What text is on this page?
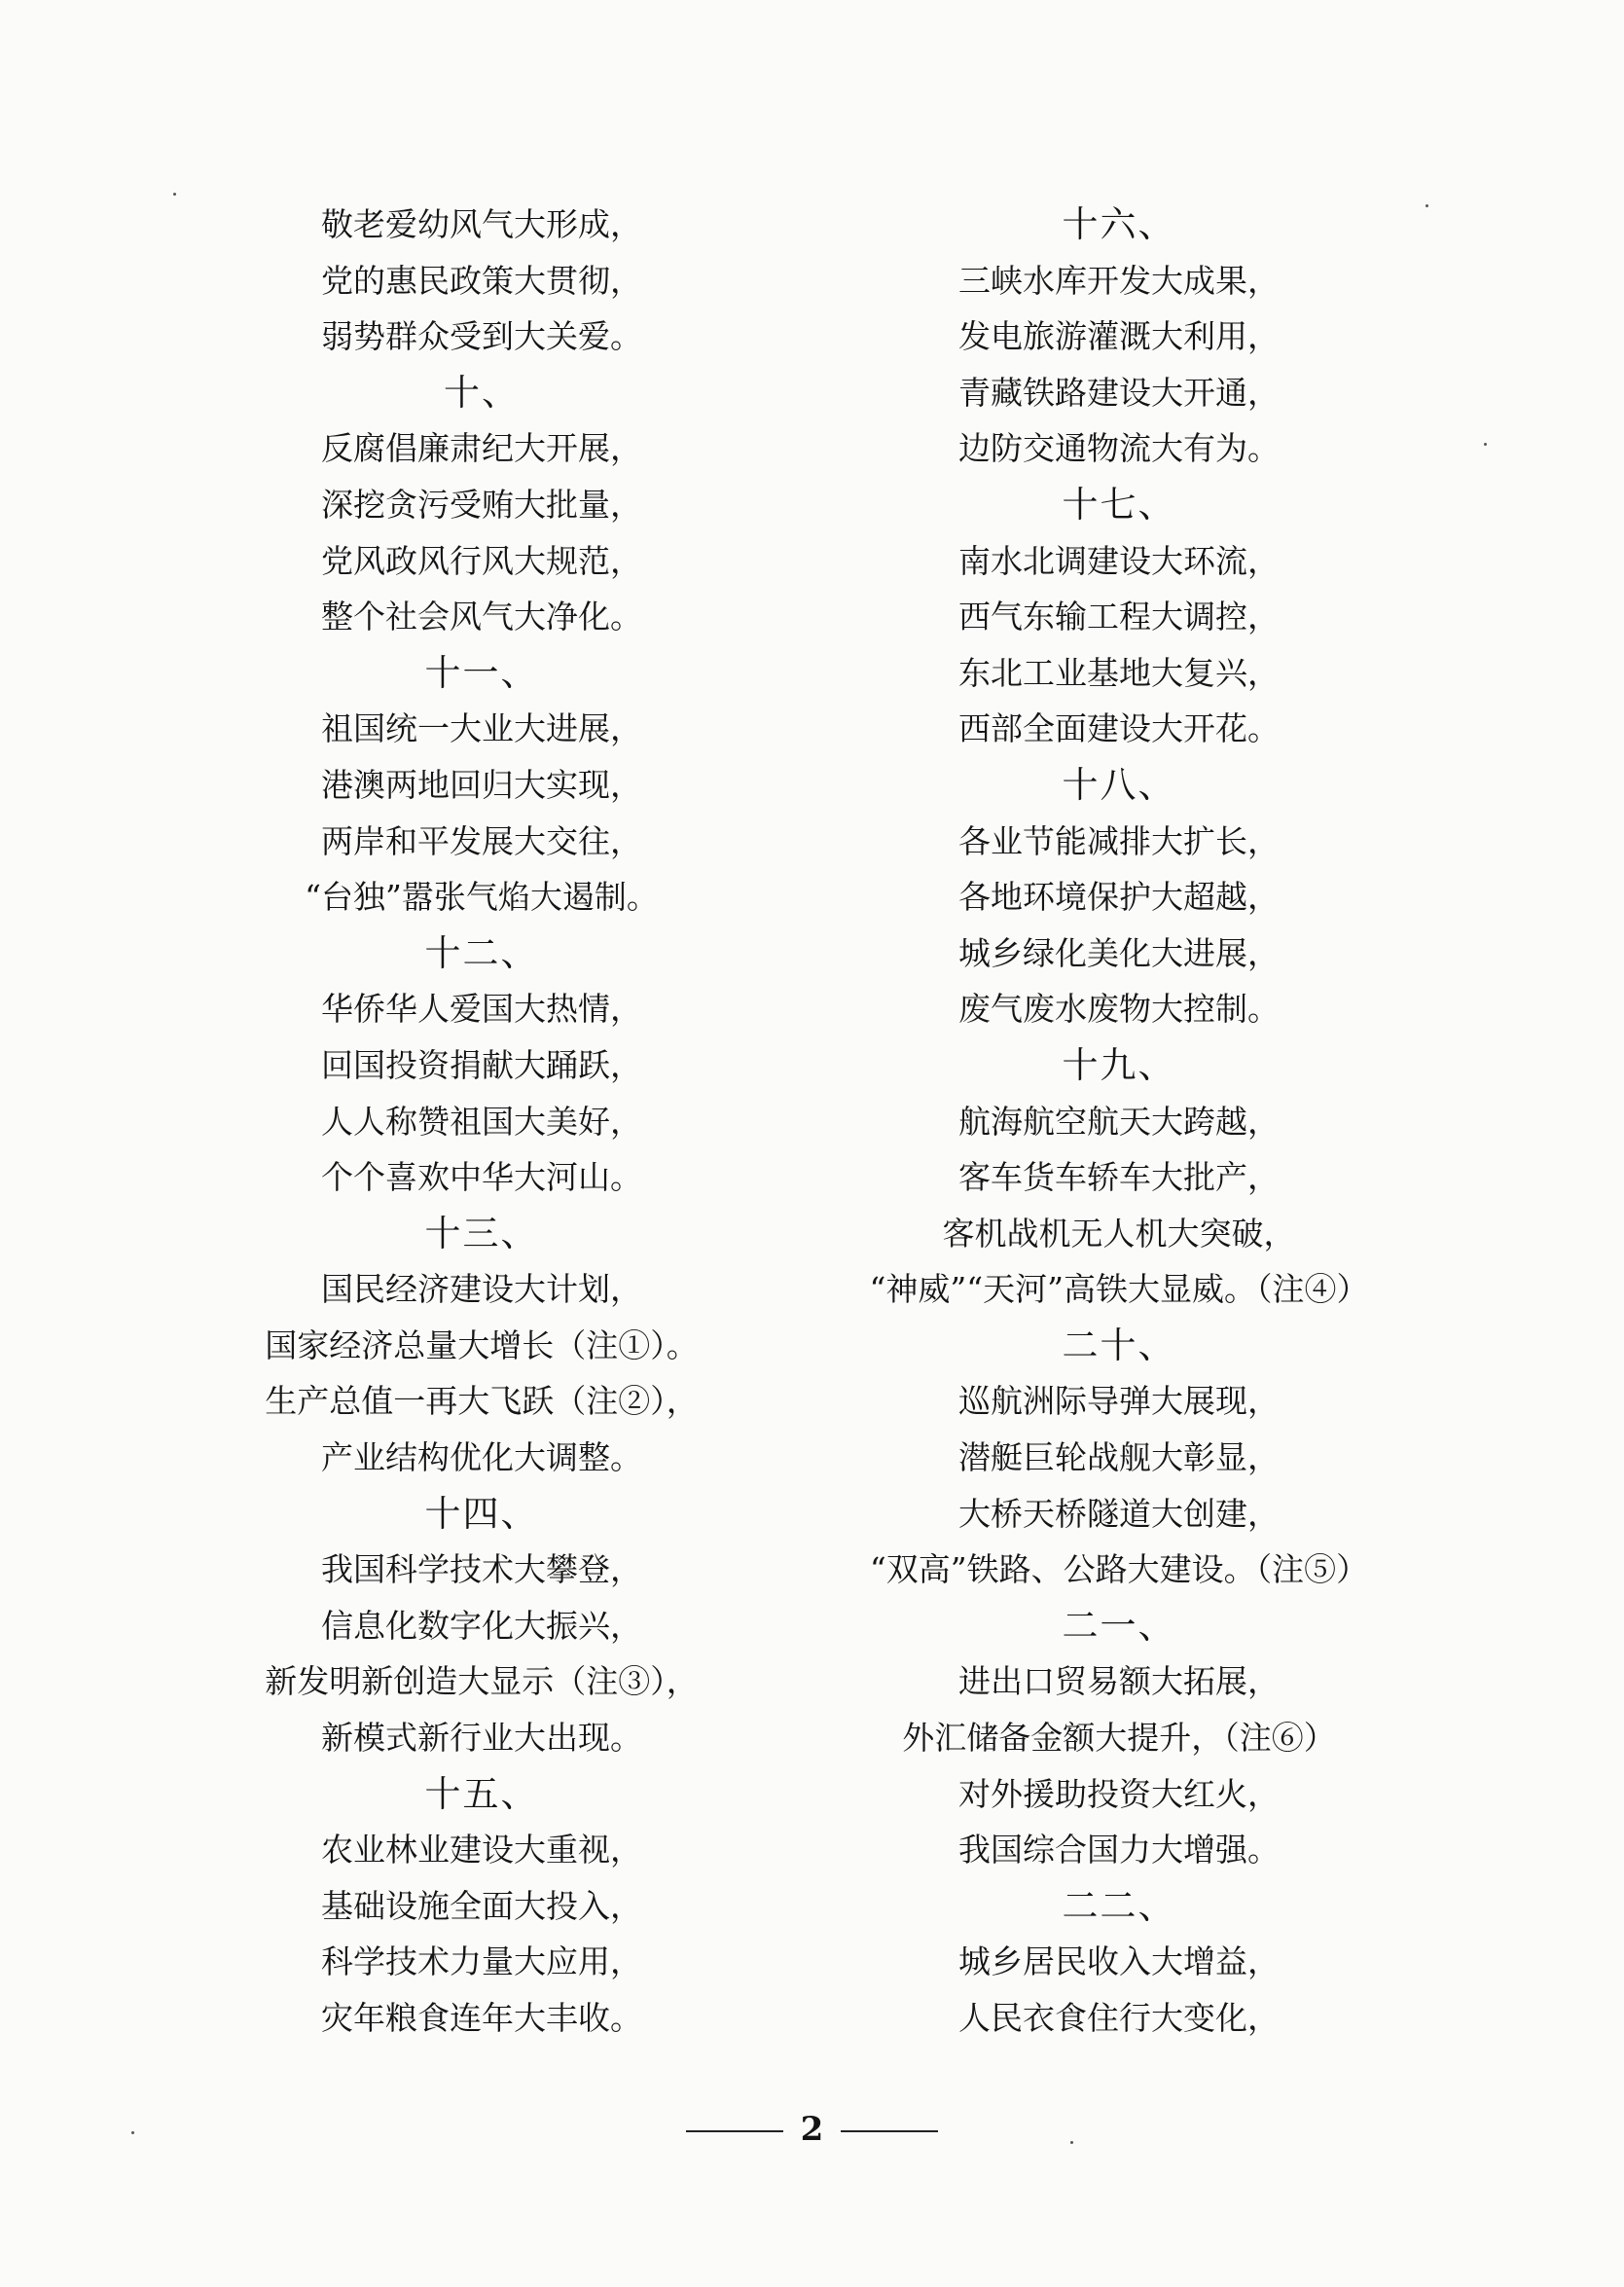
敬老爱幼风气大形成，
党的惠民政策大贯彻，
弱势群众受到大关爱。
十、
反腐倡廉肃纪大开展，
深挖贪污受贿大批量，
党风政风行风大规范，
整个社会风气大净化。
十一、
祖国统一大业大进展，
港澳两地回归大实现，
两岸和平发展大交往，
“台独”嚣张气焰大遏制。
十二、
华侨华人爱国大热情，
回国投资捐献大踊跃，
人人称赞祖国大美好，
个个喜欢中华大河山。
十三、
国民经济建设大计划，
国家经济总量大增长（注①）。
生产总值一再大飞跃（注②），
产业结构优化大调整。
十四、
我国科学技术大攀登，
信息化数字化大振兴，
新发明新创造大显示（注③），
新模式新行业大出现。
十五、
农业林业建设大重视，
基础设施全面大投入，
科学技术力量大应用，
灾年粮食连年大丰收。
十六、
三峡水库开发大成果，
发电旅游灌溉大利用，
青藏铁路建设大开通，
边防交通物流大有为。
十七、
南水北调建设大环流，
西气东输工程大调控，
东北工业基地大复兴，
西部全面建设大开花。
十八、
各业节能减排大扩长，
各地环境保护大超越，
城乡绿化美化大进展，
废气废水废物大控制。
十九、
航海航空航天大跨越，
客车货车轿车大批产，
客机战机无人机大突破，
“神威”“天河”高铁大显威。（注④）
二十、
巡航洲际导弹大展现，
潜艇巨轮战舰大彰显，
大桥天桥隧道大创建，
“双高”铁路、公路大建设。（注⑤）
二一、
进出口贸易额大拓展，
外汇储备金额大提升，（注⑥）
对外援助投资大红火，
我国综合国力大增强。
二二、
城乡居民收入大增益，
人民衣食住行大变化，
2
